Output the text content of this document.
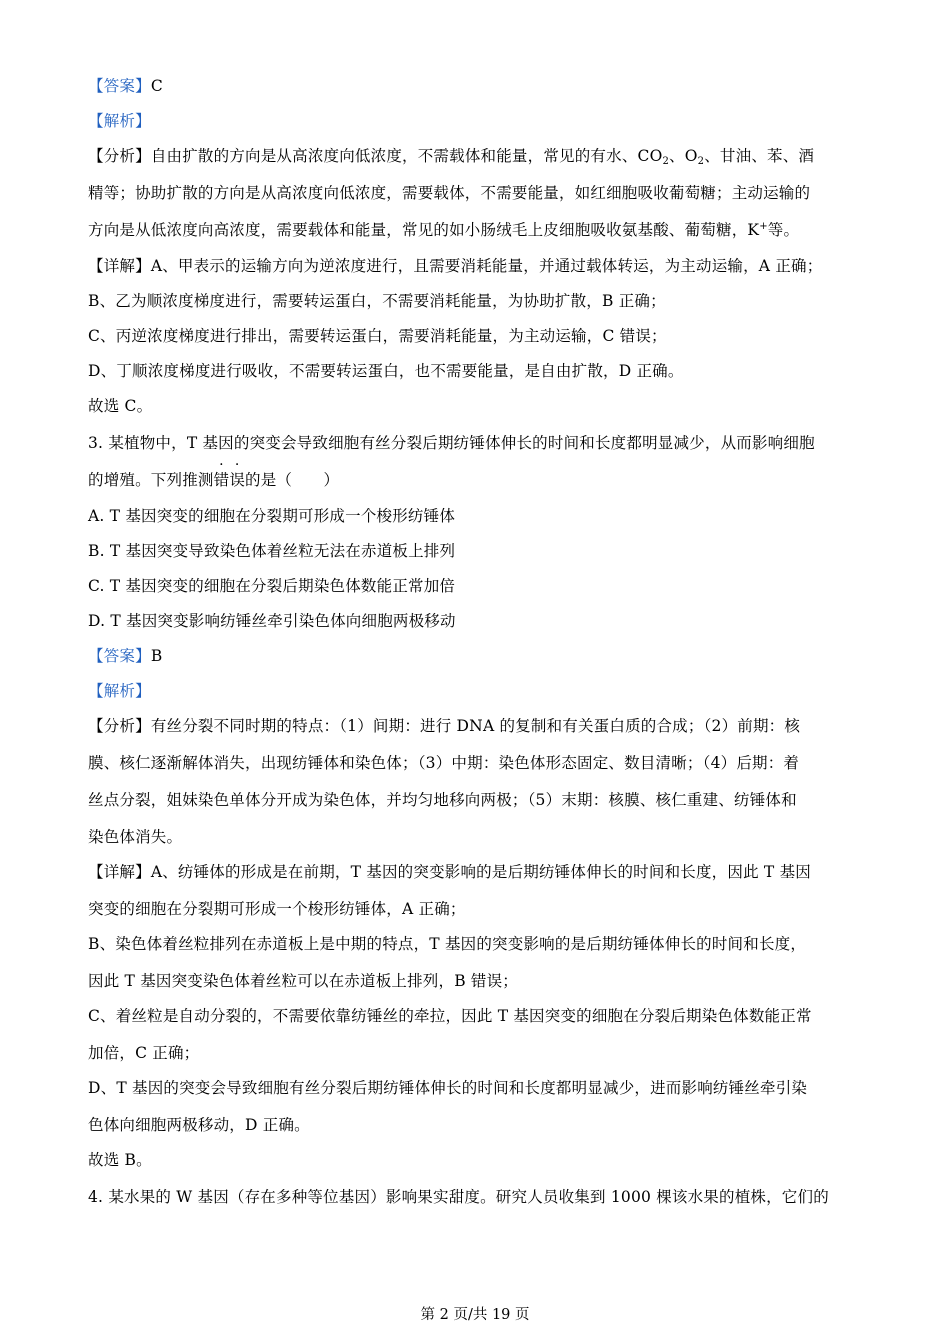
【答案】C
【解析】
【分析】自由扩散的方向是从高浓度向低浓度，不需载体和能量，常见的有水、$CO_2$、$O_2$、甘油、苯、酒
精等；协助扩散的方向是从高浓度向低浓度，需要载体，不需要能量，如红细胞吸收葡萄糖；主动运输的
方向是从低浓度向高浓度，需要载体和能量，常见的如小肠绒毛上皮细胞吸收氨基酸、葡萄糖，K+等。
【详解】A、甲表示的运输方向为逆浓度进行，且需要消耗能量，并通过载体转运，为主动运输，A 正确；
B、乙为顺浓度梯度进行，需要转运蛋白，不需要消耗能量，为协助扩散，B 正确；
C、丙逆浓度梯度进行排出，需要转运蛋白，需要消耗能量，为主动运输，C 错误；
D、丁顺浓度梯度进行吸收，不需要转运蛋白，也不需要能量，是自由扩散，D 正确。
故选 C。
3. 某植物中，T 基因的突变会导致细胞有丝分裂后期纺锤体伸长的时间和长度都明显减少，从而影响细胞
的增殖。下列推测错误的是（　　）
A. T 基因突变的细胞在分裂期可形成一个梭形纺锤体
B. T 基因突变导致染色体着丝粒无法在赤道板上排列
C. T 基因突变的细胞在分裂后期染色体数能正常加倍
D. T 基因突变影响纺锤丝牵引染色体向细胞两极移动
【答案】B
【解析】
【分析】有丝分裂不同时期的特点：（1）间期：进行 DNA 的复制和有关蛋白质的合成；（2）前期：核
膜、核仁逐渐解体消失，出现纺锤体和染色体；（3）中期：染色体形态固定、数目清晰；（4）后期：着
丝点分裂，姐妹染色单体分开成为染色体，并均匀地移向两极；（5）末期：核膜、核仁重建、纺锤体和
染色体消失。
【详解】A、纺锤体的形成是在前期，T 基因的突变影响的是后期纺锤体伸长的时间和长度，因此 T 基因
突变的细胞在分裂期可形成一个梭形纺锤体，A 正确；
B、染色体着丝粒排列在赤道板上是中期的特点，T 基因的突变影响的是后期纺锤体伸长的时间和长度，
因此 T 基因突变染色体着丝粒可以在赤道板上排列，B 错误；
C、着丝粒是自动分裂的，不需要依靠纺锤丝的牵拉，因此 T 基因突变的细胞在分裂后期染色体数能正常
加倍，C 正确；
D、T 基因的突变会导致细胞有丝分裂后期纺锤体伸长的时间和长度都明显减少，进而影响纺锤丝牵引染
色体向细胞两极移动，D 正确。
故选 B。
4. 某水果的 W 基因（存在多种等位基因）影响果实甜度。研究人员收集到 1000 棵该水果的植株，它们的
第 2 页/共 19 页
